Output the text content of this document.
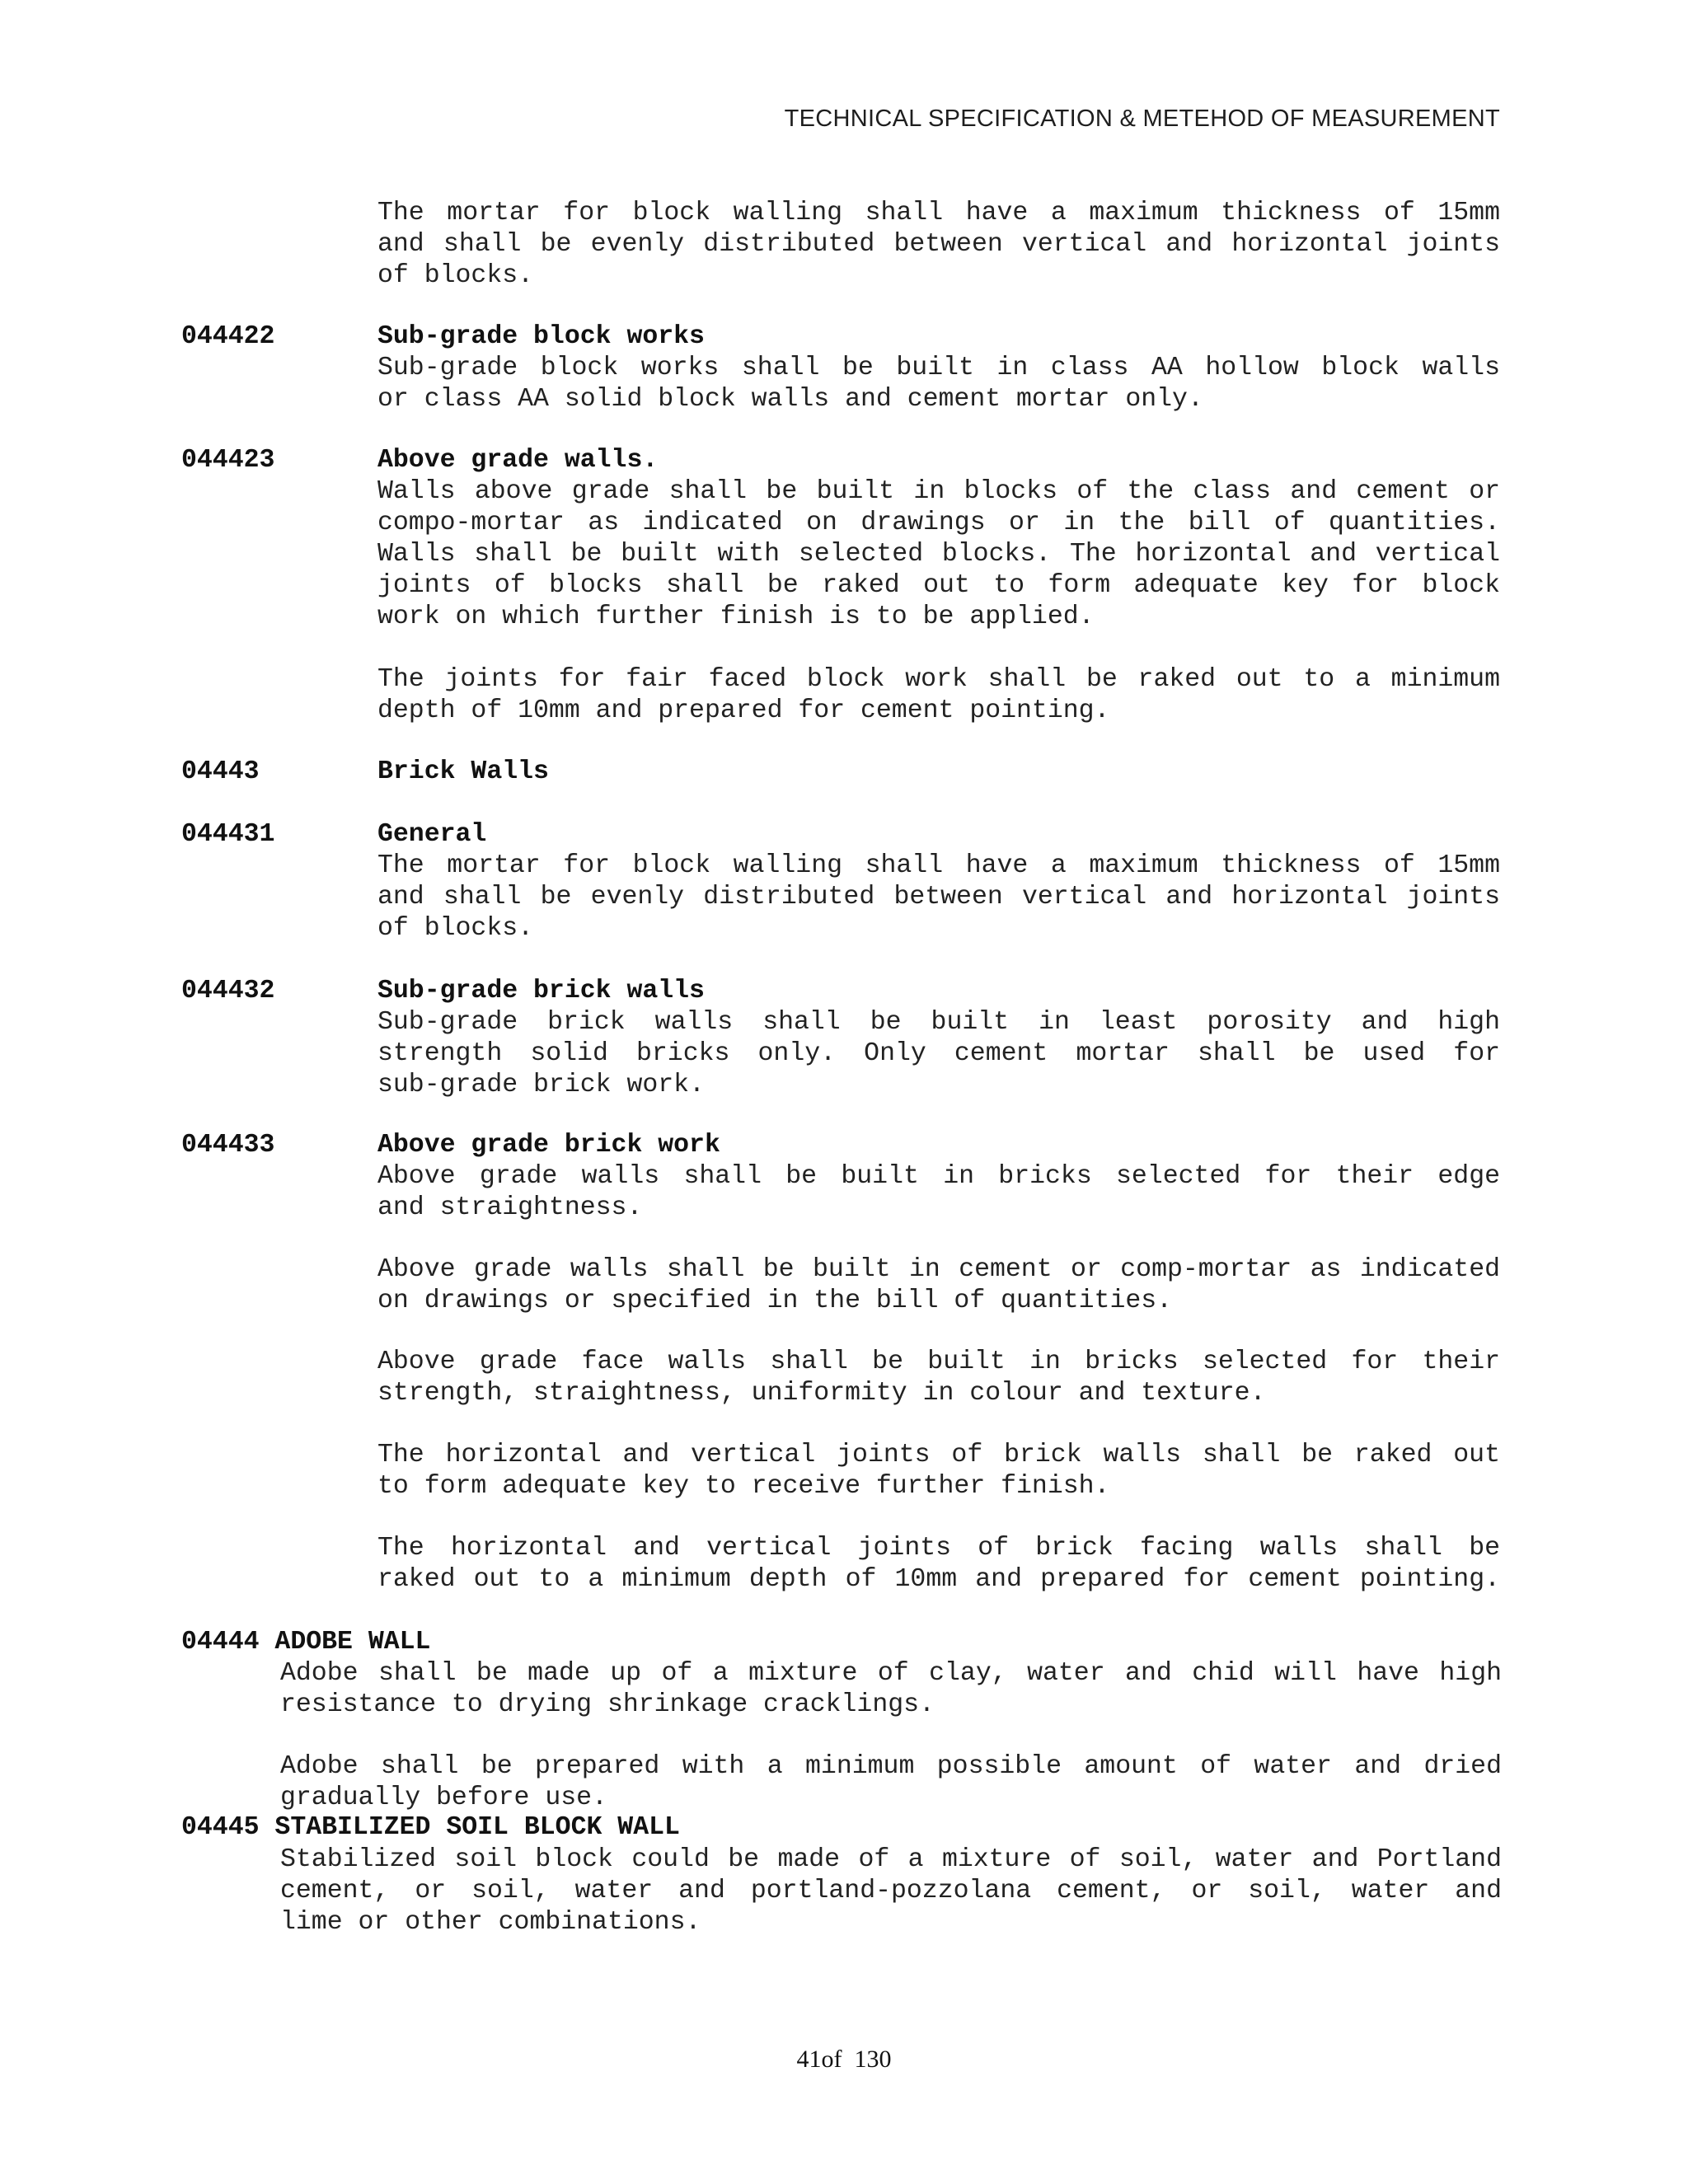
TECHNICAL SPECIFICATION & METEHOD OF MEASUREMENT
The mortar for block walling shall have a maximum thickness of 15mm
and shall be evenly distributed between vertical and horizontal joints
of blocks.
044422	Sub-grade block works
Sub-grade block works shall be built in class AA hollow block walls
or class AA solid block walls and cement mortar only.
044423	Above grade walls.
Walls above grade shall be built in blocks of the class and cement or
compo-mortar as indicated on drawings or in the bill of quantities.
Walls shall be built with selected blocks. The horizontal and vertical
joints of blocks shall be raked out to form adequate key for block
work on which further finish is to be applied.
The joints for fair faced block work shall be raked out to a minimum
depth of 10mm and prepared for cement pointing.
04443	Brick Walls
044431	General
The mortar for block walling shall have a maximum thickness of 15mm
and shall be evenly distributed between vertical and horizontal joints
of blocks.
044432	Sub-grade brick walls
Sub-grade brick walls shall be built in least porosity and high
strength solid bricks only. Only cement mortar shall be used for
sub-grade brick work.
044433	Above grade brick work
Above grade walls shall be built in bricks selected for their edge
and straightness.
Above grade walls shall be built in cement or comp-mortar as indicated
on drawings or specified in the bill of quantities.
Above grade face walls shall be built in bricks selected for their
strength, straightness, uniformity in colour and texture.
The horizontal and vertical joints of brick walls shall be raked out
to form adequate key to receive further finish.
The horizontal and vertical joints of brick facing walls shall be
raked out to a minimum depth of 10mm and prepared for cement pointing.
04444 ADOBE WALL
Adobe shall be made up of a mixture of clay, water and chid will have high
resistance to drying shrinkage cracklings.
Adobe shall be prepared with a minimum possible amount of water and dried
gradually before use.
04445 STABILIZED SOIL BLOCK WALL
Stabilized soil block could be made of a mixture of soil, water and Portland
cement, or soil, water and portland-pozzolana cement, or soil, water and
lime or other combinations.
41of 130
